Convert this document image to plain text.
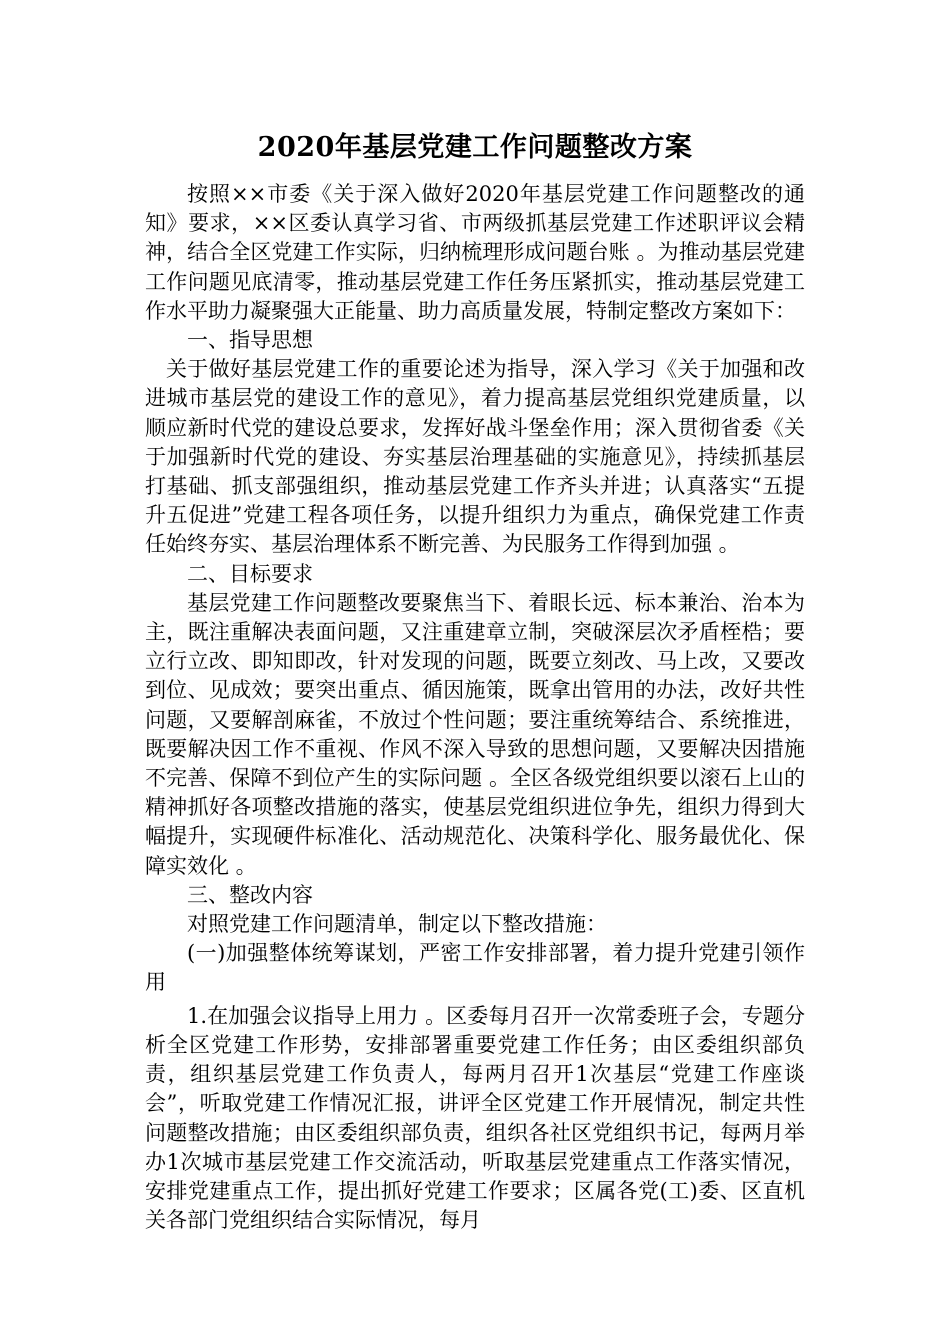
2020年基层党建工作问题整改方案

按照××市委《关于深入做好2020年基层党建工作问题整改的通知》要求，××区委认真学习省、市两级抓基层党建工作述职评议会精神，结合全区党建工作实际，归纳梳理形成问题台账 。为推动基层党建工作问题见底清零，推动基层党建工作任务压紧抓实，推动基层党建工作水平助力凝聚强大正能量、助力高质量发展，特制定整改方案如下：

一、指导思想

关于做好基层党建工作的重要论述为指导，深入学习《关于加强和改进城市基层党的建设工作的意见》，着力提高基层党组织党建质量，以顺应新时代党的建设总要求，发挥好战斗堡垒作用；深入贯彻省委《关于加强新时代党的建设、夯实基层治理基础的实施意见》，持续抓基层打基础、抓支部强组织，推动基层党建工作齐头并进；认真落实“五提升五促进”党建工程各项任务，以提升组织力为重点，确保党建工作责任始终夯实、基层治理体系不断完善、为民服务工作得到加强 。

二、目标要求

基层党建工作问题整改要聚焦当下、着眼长远、标本兼治、治本为主，既注重解决表面问题，又注重建章立制，突破深层次矛盾桎梏；要立行立改、即知即改，针对发现的问题，既要立刻改、马上改，又要改到位、见成效；要突出重点、循因施策，既拿出管用的办法，改好共性问题，又要解剖麻雀，不放过个性问题；要注重统筹结合、系统推进，既要解决因工作不重视、作风不深入导致的思想问题，又要解决因措施不完善、保障不到位产生的实际问题 。全区各级党组织要以滚石上山的精神抓好各项整改措施的落实，使基层党组织进位争先，组织力得到大幅提升，实现硬件标准化、活动规范化、决策科学化、服务最优化、保障实效化 。

三、整改内容

对照党建工作问题清单，制定以下整改措施：

(一)加强整体统筹谋划，严密工作安排部署，着力提升党建引领作用

1.在加强会议指导上用力 。区委每月召开一次常委班子会，专题分析全区党建工作形势，安排部署重要党建工作任务；由区委组织部负责，组织基层党建工作负责人，每两月召开1次基层“党建工作座谈会”，听取党建工作情况汇报，讲评全区党建工作开展情况，制定共性问题整改措施；由区委组织部负责，组织各社区党组织书记，每两月举办1次城市基层党建工作交流活动，听取基层党建重点工作落实情况，安排党建重点工作，提出抓好党建工作要求；区属各党(工)委、区直机关各部门党组织结合实际情况，每月
